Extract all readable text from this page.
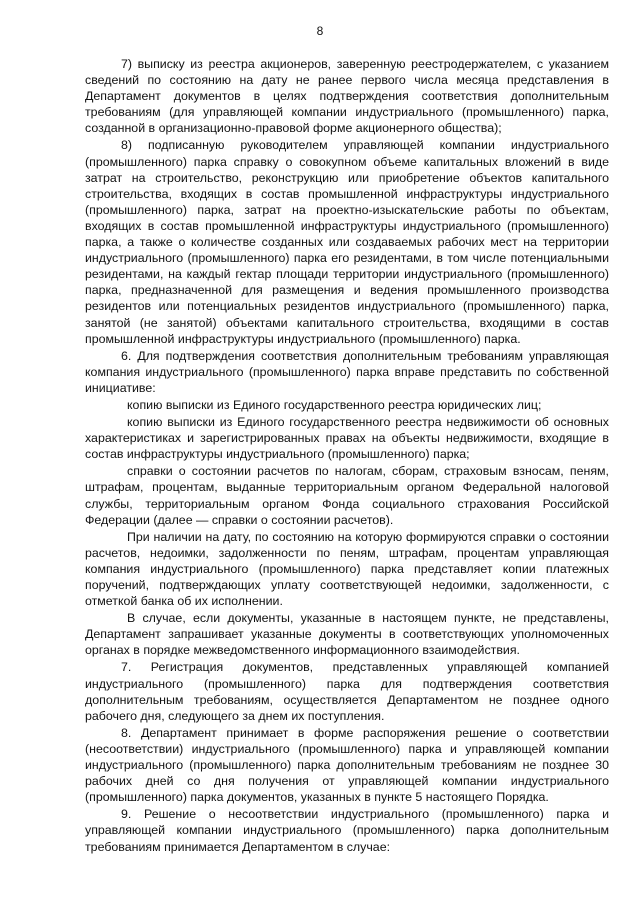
8

7) выписку из реестра акционеров, заверенную реестродержателем, с указанием сведений по состоянию на дату не ранее первого числа месяца представления в Департамент документов в целях подтверждения соответствия дополнительным требованиям (для управляющей компании индустриального (промышленного) парка, созданной в организационно-правовой форме акционерного общества);

8) подписанную руководителем управляющей компании индустриального (промышленного) парка справку о совокупном объеме капитальных вложений в виде затрат на строительство, реконструкцию или приобретение объектов капитального строительства, входящих в состав промышленной инфраструктуры индустриального (промышленного) парка, затрат на проектно-изыскательские работы по объектам, входящих в состав промышленной инфраструктуры индустриального (промышленного) парка, а также о количестве созданных или создаваемых рабочих мест на территории индустриального (промышленного) парка его резидентами, в том числе потенциальными резидентами, на каждый гектар площади территории индустриального (промышленного) парка, предназначенной для размещения и ведения промышленного производства резидентов или потенциальных резидентов индустриального (промышленного) парка, занятой (не занятой) объектами капитального строительства, входящими в состав промышленной инфраструктуры индустриального (промышленного) парка.

6. Для подтверждения соответствия дополнительным требованиям управляющая компания индустриального (промышленного) парка вправе представить по собственной инициативе:

копию выписки из Единого государственного реестра юридических лиц;

копию выписки из Единого государственного реестра недвижимости об основных характеристиках и зарегистрированных правах на объекты недвижимости, входящие в состав инфраструктуры индустриального (промышленного) парка;

справки о состоянии расчетов по налогам, сборам, страховым взносам, пеням, штрафам, процентам, выданные территориальным органом Федеральной налоговой службы, территориальным органом Фонда социального страхования Российской Федерации (далее — справки о состоянии расчетов).

При наличии на дату, по состоянию на которую формируются справки о состоянии расчетов, недоимки, задолженности по пеням, штрафам, процентам управляющая компания индустриального (промышленного) парка представляет копии платежных поручений, подтверждающих уплату соответствующей недоимки, задолженности, с отметкой банка об их исполнении.

В случае, если документы, указанные в настоящем пункте, не представлены, Департамент запрашивает указанные документы в соответствующих уполномоченных органах в порядке межведомственного информационного взаимодействия.

7. Регистрация документов, представленных управляющей компанией индустриального (промышленного) парка для подтверждения соответствия дополнительным требованиям, осуществляется Департаментом не позднее одного рабочего дня, следующего за днем их поступления.

8. Департамент принимает в форме распоряжения решение о соответствии (несоответствии) индустриального (промышленного) парка и управляющей компании индустриального (промышленного) парка дополнительным требованиям не позднее 30 рабочих дней со дня получения от управляющей компании индустриального (промышленного) парка документов, указанных в пункте 5 настоящего Порядка.

9. Решение о несоответствии индустриального (промышленного) парка и управляющей компании индустриального (промышленного) парка дополнительным требованиям принимается Департаментом в случае:
